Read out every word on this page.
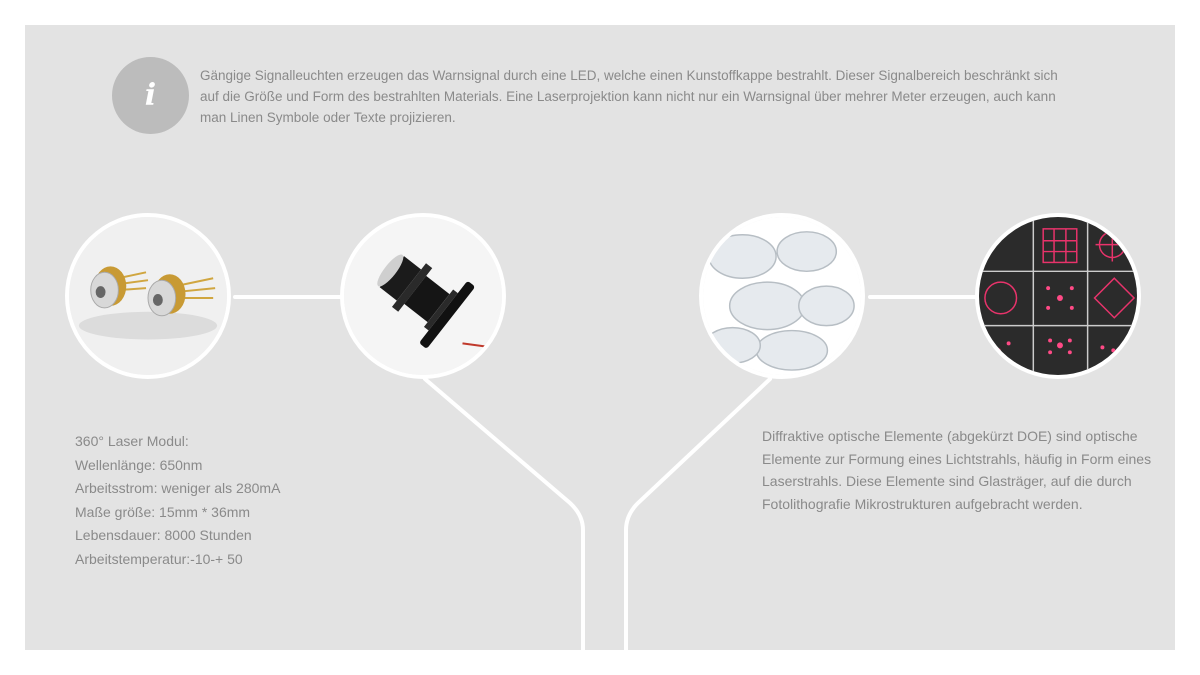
i

Gängige Signalleuchten erzeugen das Warnsignal durch eine LED, welche einen Kunstoffkappe bestrahlt. Dieser Signalbereich beschränkt sich auf die Größe und Form des bestrahlten Materials. Eine Laserprojektion kann nicht nur ein Warnsignal über mehrer Meter erzeugen, auch kann man Linen Symbole oder Texte projizieren.

360° Laser Modul:
Wellenlänge: 650nm
Arbeitsstrom: weniger als 280mA
Maße größe: 15mm * 36mm
Lebensdauer: 8000 Stunden
Arbeitstemperatur:-10-+ 50

Diffraktive optische Elemente (abgekürzt DOE) sind optische Elemente zur Formung eines Lichtstrahls, häufig in Form eines Laserstrahls. Diese Elemente sind Glasträger, auf die durch Fotolithografie Mikrostrukturen aufgebracht werden.
